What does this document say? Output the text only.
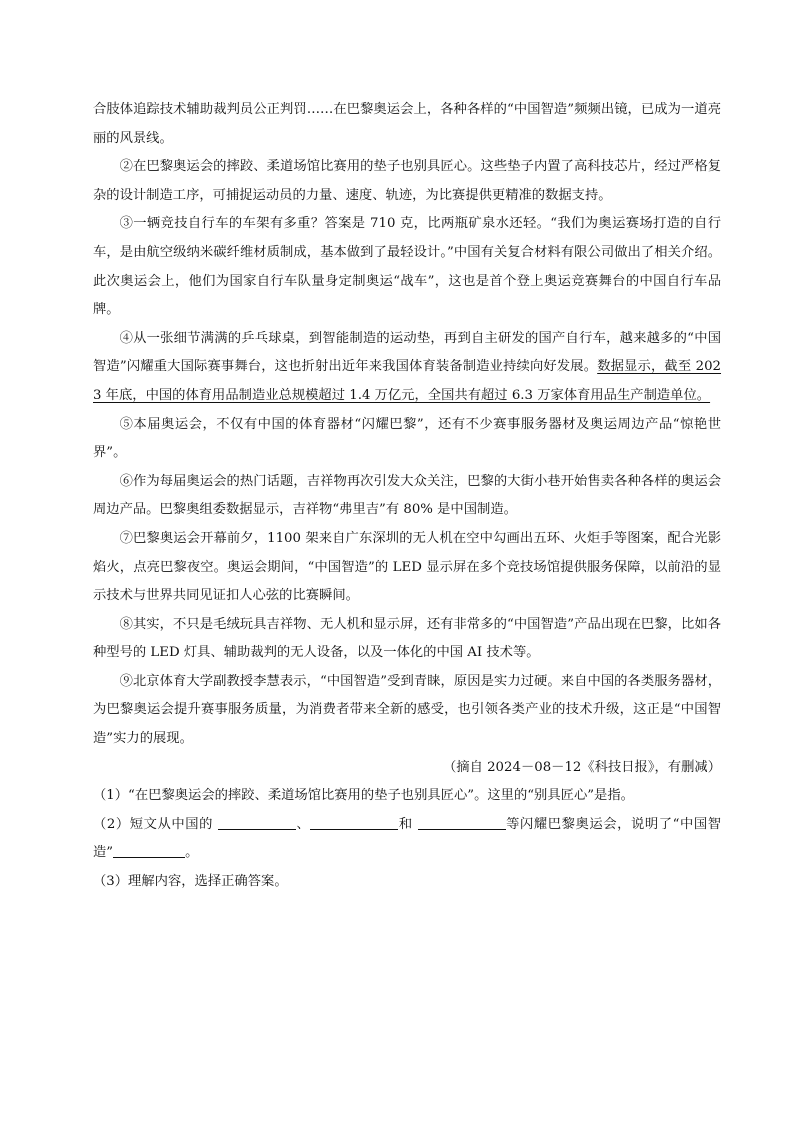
合肢体追踪技术辅助裁判员公正判罚……在巴黎奥运会上，各种各样的“中国智造”频频出镜，已成为一道亮丽的风景线。

②在巴黎奥运会的摔跤、柔道场馆比赛用的垫子也别具匠心。这些垫子内置了高科技芯片，经过严格复杂的设计制造工序，可捕捉运动员的力量、速度、轨迹，为比赛提供更精准的数据支持。

③一辆竞技自行车的车架有多重？答案是 710 克，比两瓶矿泉水还轻。“我们为奥运赛场打造的自行车，是由航空级纳米碳纤维材质制成，基本做到了最轻设计。”中国有关复合材料有限公司做出了相关介绍。此次奥运会上，他们为国家自行车队量身定制奥运“战车”，这也是首个登上奥运竞赛舞台的中国自行车品牌。

④从一张细节满满的乒乓球桌，到智能制造的运动垫，再到自主研发的国产自行车，越来越多的“中国智造”闪耀重大国际赛事舞台，这也折射出近年来我国体育装备制造业持续向好发展。数据显示，截至 2023 年底，中国的体育用品制造业总规模超过 1.4 万亿元，全国共有超过 6.3 万家体育用品生产制造单位。

⑤本届奥运会，不仅有中国的体育器材“闪耀巴黎”，还有不少赛事服务器材及奥运周边产品“惊艳世界”。

⑥作为每届奥运会的热门话题，吉祥物再次引发大众关注，巴黎的大街小巷开始售卖各种各样的奥运会周边产品。巴黎奥组委数据显示，吉祥物“弗里吉”有 80% 是中国制造。

⑦巴黎奥运会开幕前夕，1100 架来自广东深圳的无人机在空中勾画出五环、火炬手等图案，配合光影焰火，点亮巴黎夜空。奥运会期间，“中国智造”的 LED 显示屏在多个竞技场馆提供服务保障，以前沿的显示技术与世界共同见证扣人心弦的比赛瞬间。

⑧其实，不只是毛绒玩具吉祥物、无人机和显示屏，还有非常多的“中国智造”产品出现在巴黎，比如各种型号的 LED 灯具、辅助裁判的无人设备，以及一体化的中国 AI 技术等。

⑨北京体育大学副教授李慧表示，“中国智造”受到青睐，原因是实力过硬。来自中国的各类服务器材，为巴黎奥运会提升赛事服务质量，为消费者带来全新的感受，也引领各类产业的技术升级，这正是“中国智造”实力的展现。

（摘自 2024－08－12《科技日报》，有删减）

（1）“在巴黎奥运会的摔跤、柔道场馆比赛用的垫子也别具匠心”。这里的“别具匠心”是指。

（2）短文从中国的	、	和	等闪耀巴黎奥运会，说明了“中国智造”	。

（3）理解内容，选择正确答案。
